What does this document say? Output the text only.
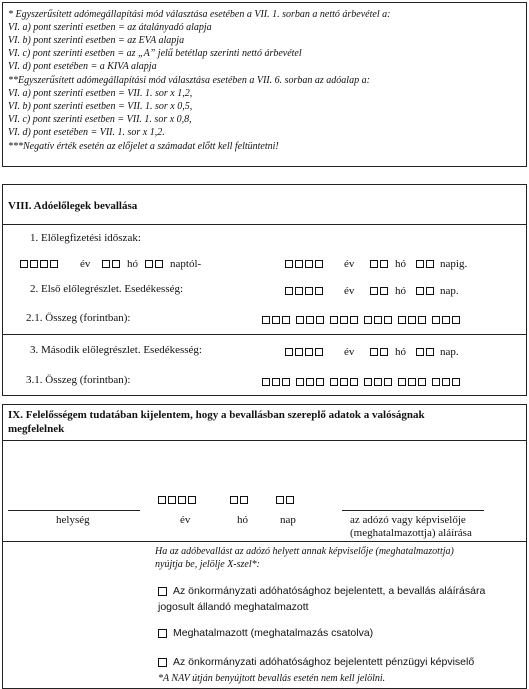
* Egyszerűsített adómegállapítási mód választása esetében a VII. 1. sorban a nettó árbevétel a:
VI. a) pont szerinti esetben = az átalányadó alapja
VI. b) pont szerinti esetben = az EVA alapja
VI. c) pont szerinti esetben = az „A” jelű betétlap szerinti nettó árbevétel
VI. d) pont esetében = a KIVA alapja
**Egyszerűsített adómegállapítási mód választása esetében a VII. 6. sorban az adóalap a:
VI. a) pont szerinti esetben = VII. 1. sor x 1,2,
VI. b) pont szerinti esetben = VII. 1. sor x 0,5,
VI. c) pont szerinti esetben = VII. 1. sor x 0,8,
VI. d) pont esetében = VII. 1. sor x 1,2.
***Negatív érték esetén az előjelet a számadat előtt kell feltüntetni!
VIII. Adóelőlegek bevallása
1. Előlegfizetési időszak:
év	hó	naptól-	év	hó	napig.
2. Első előlegrészlet. Esedékesség:	év	hó	nap.
2.1. Összeg (forintban):
3. Második előlegrészlet. Esedékesség:	év	hó	nap.
3.1. Összeg (forintban):
IX. Felelősségem tudatában kijelentem, hogy a bevallásban szereplő adatok a valóságnak
megfelelnek
helység	év	hó	nap	az adózó vagy képviselője
(meghatalmazottja) aláírása
Ha az adóbevallást az adózó helyett annak képviselője (meghatalmazottja)
nyújtja be, jelölje X-szel*:
Az önkormányzati adóhatósághoz bejelentett, a bevallás aláírására
jogosult állandó meghatalmazott
Meghatalmazott (meghatalmazás csatolva)
Az önkormányzati adóhatósághoz bejelentett pénzügyi képviselő
*A NAV útján benyújtott bevallás esetén nem kell jelölni.
